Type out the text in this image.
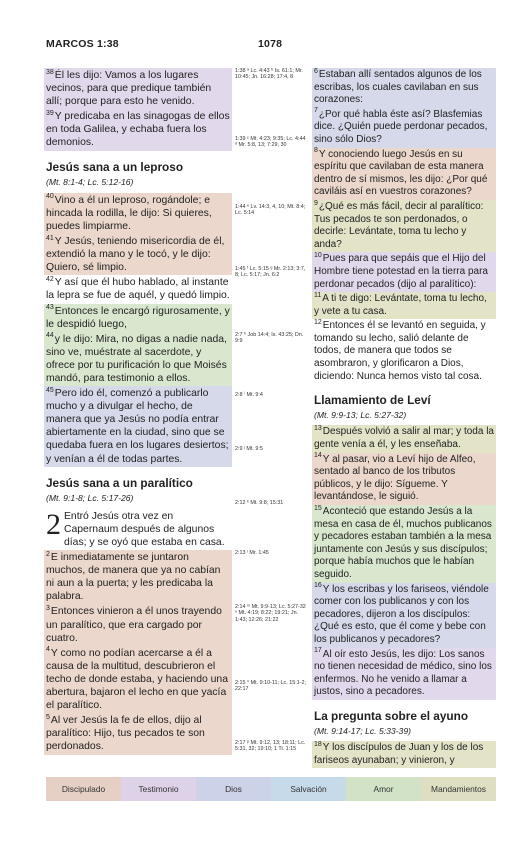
MARCOS 1:38	1078
$^{38}$Él les dijo: Vamos a los lugares vecinos, para que predique también allí; porque para esto he venido.
$^{39}$Y predicaba en las sinagogas de ellos en toda Galilea, y echaba fuera los demonios.
Jesús sana a un leproso
(Mt. 8:1-4; Lc. 5:12-16)
$^{40}$Vino a él un leproso, rogándole; e hincada la rodilla, le dijo: Si quieres, puedes limpiarme.
$^{41}$Y Jesús, teniendo misericordia de él, extendió la mano y le tocó, y le dijo: Quiero, sé limpio.
$^{42}$Y así que él hubo hablado, al instante la lepra se fue de aquél, y quedó limpio.
$^{43}$Entonces le encargó rigurosamente, y le despidió luego,
$^{44}$y le dijo: Mira, no digas a nadie nada, sino ve, muéstrate al sacerdote, y ofrece por tu purificación lo que Moisés mandó, para testimonio a ellos.
$^{45}$Pero ido él, comenzó a publicarlo mucho y a divulgar el hecho, de manera que ya Jesús no podía entrar abiertamente en la ciudad, sino que se quedaba fuera en los lugares desiertos; y venían a él de todas partes.
Jesús sana a un paralítico
(Mt. 9:1-8; Lc. 5:17-26)
2 Entró Jesús otra vez en Capernaum después de algunos días; y se oyó que estaba en casa.
$^2$E inmediatamente se juntaron muchos, de manera que ya no cabían ni aun a la puerta; y les predicaba la palabra.
$^3$Entonces vinieron a él unos trayendo un paralítico, que era cargado por cuatro.
$^4$Y como no podían acercarse a él a causa de la multitud, descubrieron el techo de donde estaba, y haciendo una abertura, bajaron el lecho en que yacía el paralítico.
$^5$Al ver Jesús la fe de ellos, dijo al paralítico: Hijo, tus pecados te son perdonados.
1:38 ᵃ Lc. 4:43 ᵇ Is. 61:1; Mr. 10:45; Jn. 16:28; 17:4, 8
1:39 ᶜ Mt. 4:23; 9:35; Lc. 4:44 ᵈ Mr. 5:8, 13; 7:29, 30
1:44 ᵉ Lv. 14:3, 4, 10; Mt. 8:4; Lc. 5:14
1:45 ᶠ Lc. 5:15 ᵍ Mr. 2:13; 3:7, 8; Lc. 5:17; Jn. 6:2
2:7 ʰ Job 14:4; Is. 43:25; Dn. 9:9
2:8 ⁱ Mt. 9:4
2:9 ʲ Mt. 9:5
2:12 ᵏ Mt. 9:8; 15:31
2:13 ˡ Mr. 1:45
2:14 ᵐ Mt. 9:9-13; Lc. 5:27-32 ⁿ Mt. 4:19; 8:22; 19:21; Jn. 1:43; 12:26; 21:22
2:15 ° Mt. 9:10-11; Lc. 15:1-2; 22:17
2:17 ᵖ Mt. 9:12, 13; 18:11; Lc. 5:31, 32; 19:10; 1 Ti. 1:15
$^6$Estaban allí sentados algunos de los escribas, los cuales cavilaban en sus corazones:
$^7$¿Por qué habla éste así? Blasfemias dice. ¿Quién puede perdonar pecados, sino sólo Dios?
$^8$Y conociendo luego Jesús en su espíritu que cavilaban de esta manera dentro de sí mismos, les dijo: ¿Por qué caviláis así en vuestros corazones?
$^9$¿Qué es más fácil, decir al paralítico: Tus pecados te son perdonados, o decirle: Levántate, toma tu lecho y anda?
$^{10}$Pues para que sepáis que el Hijo del Hombre tiene potestad en la tierra para perdonar pecados (dijo al paralítico):
$^{11}$A ti te digo: Levántate, toma tu lecho, y vete a tu casa.
$^{12}$Entonces él se levantó en seguida, y tomando su lecho, salió delante de todos, de manera que todos se asombraron, y glorificaron a Dios, diciendo: Nunca hemos visto tal cosa.
Llamamiento de Leví
(Mt. 9:9-13; Lc. 5:27-32)
$^{13}$Después volvió a salir al mar; y toda la gente venía a él, y les enseñaba.
$^{14}$Y al pasar, vio a Leví hijo de Alfeo, sentado al banco de los tributos públicos, y le dijo: Sígueme. Y levantándose, le siguió.
$^{15}$Aconteció que estando Jesús a la mesa en casa de él, muchos publicanos y pecadores estaban también a la mesa juntamente con Jesús y sus discípulos; porque había muchos que le habían seguido.
$^{16}$Y los escribas y los fariseos, viéndole comer con los publicanos y con los pecadores, dijeron a los discípulos: ¿Qué es esto, que él come y bebe con los publicanos y pecadores?
$^{17}$Al oír esto Jesús, les dijo: Los sanos no tienen necesidad de médico, sino los enfermos. No he venido a llamar a justos, sino a pecadores.
La pregunta sobre el ayuno
(Mt. 9:14-17; Lc. 5:33-39)
$^{18}$Y los discípulos de Juan y los de los fariseos ayunaban; y vinieron, y
Discipulado	Testimonio	Dios	Salvación	Amor	Mandamientos
